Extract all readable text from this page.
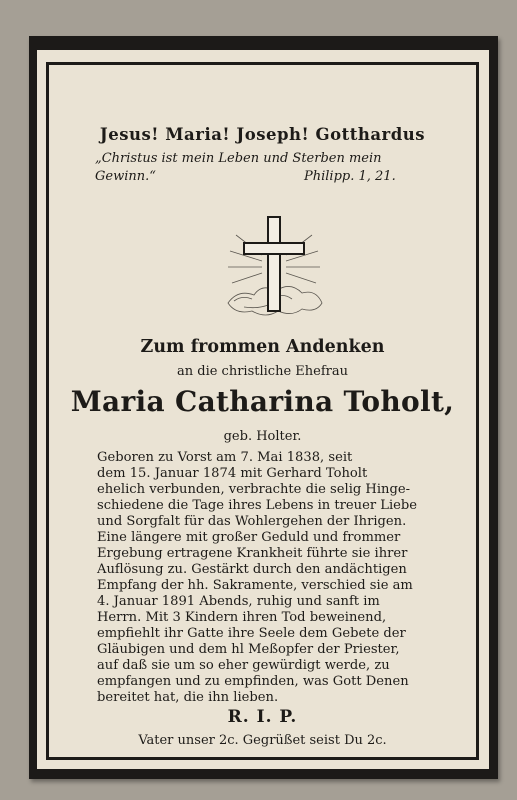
Jesus! Maria! Joseph! Gotthardus
„Christus ist mein Leben und Sterben mein
Gewinn.“	Philipp. 1, 21.
Zum frommen Andenken
an die christliche Ehefrau
Maria Catharina Toholt,
geb. Holter.
Geboren zu Vorst am 7. Mai 1838, seit
dem 15. Januar 1874 mit Gerhard Toholt
ehelich verbunden, verbrachte die selig Hinge-
schiedene die Tage ihres Lebens in treuer Liebe
und Sorgfalt für das Wohlergehen der Ihrigen.
Eine längere mit großer Geduld und frommer
Ergebung ertragene Krankheit führte sie ihrer
Auflösung zu. Gestärkt durch den andächtigen
Empfang der hh. Sakramente, verschied sie am
4. Januar 1891 Abends, ruhig und sanft im
Herrn. Mit 3 Kindern ihren Tod beweinend,
empfiehlt ihr Gatte ihre Seele dem Gebete der
Gläubigen und dem hl Meßopfer der Priester,
auf daß sie um so eher gewürdigt werde, zu
empfangen und zu empfinden, was Gott Denen
bereitet hat, die ihn lieben.
R. I. P.
Vater unser 2c. Gegrüßet seist Du 2c.
